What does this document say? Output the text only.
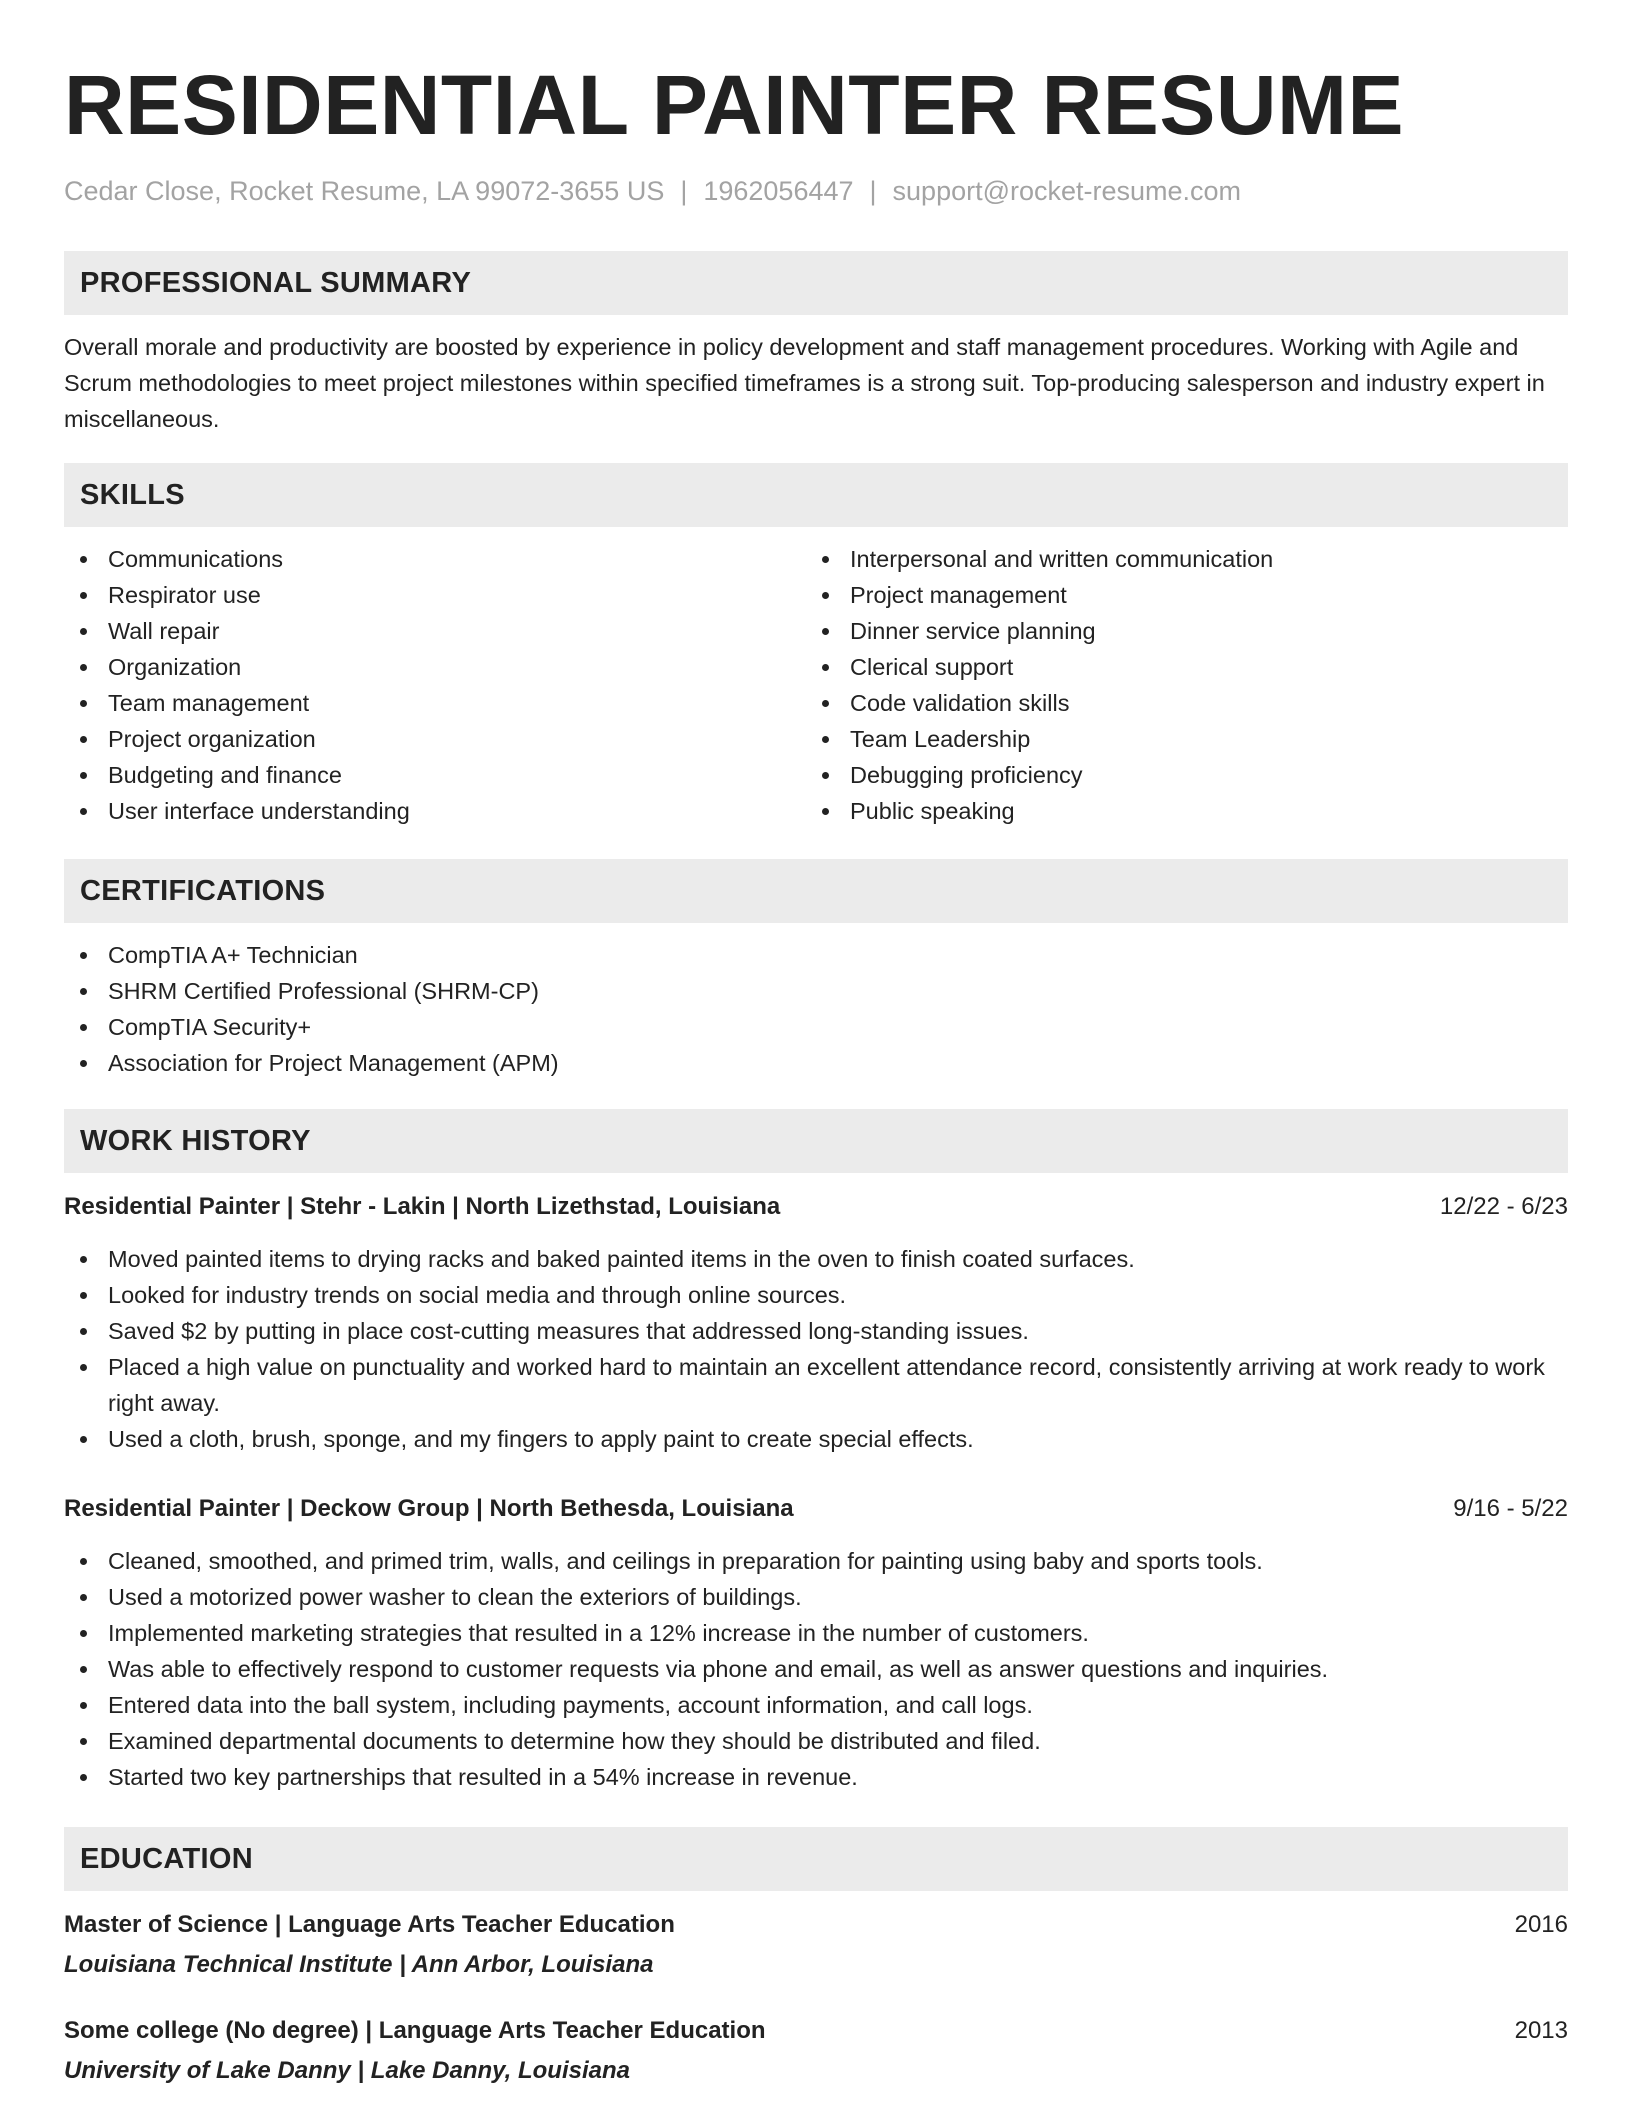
RESIDENTIAL PAINTER RESUME
Cedar Close, Rocket Resume, LA 99072-3655 US | 1962056447 | support@rocket-resume.com
PROFESSIONAL SUMMARY
Overall morale and productivity are boosted by experience in policy development and staff management procedures. Working with Agile and Scrum methodologies to meet project milestones within specified timeframes is a strong suit. Top-producing salesperson and industry expert in miscellaneous.
SKILLS
Communications
Respirator use
Wall repair
Organization
Team management
Project organization
Budgeting and finance
User interface understanding
Interpersonal and written communication
Project management
Dinner service planning
Clerical support
Code validation skills
Team Leadership
Debugging proficiency
Public speaking
CERTIFICATIONS
CompTIA A+ Technician
SHRM Certified Professional (SHRM-CP)
CompTIA Security+
Association for Project Management (APM)
WORK HISTORY
Residential Painter | Stehr - Lakin | North Lizethstad, Louisiana	12/22 - 6/23
Moved painted items to drying racks and baked painted items in the oven to finish coated surfaces.
Looked for industry trends on social media and through online sources.
Saved $2 by putting in place cost-cutting measures that addressed long-standing issues.
Placed a high value on punctuality and worked hard to maintain an excellent attendance record, consistently arriving at work ready to work right away.
Used a cloth, brush, sponge, and my fingers to apply paint to create special effects.
Residential Painter | Deckow Group | North Bethesda, Louisiana	9/16 - 5/22
Cleaned, smoothed, and primed trim, walls, and ceilings in preparation for painting using baby and sports tools.
Used a motorized power washer to clean the exteriors of buildings.
Implemented marketing strategies that resulted in a 12% increase in the number of customers.
Was able to effectively respond to customer requests via phone and email, as well as answer questions and inquiries.
Entered data into the ball system, including payments, account information, and call logs.
Examined departmental documents to determine how they should be distributed and filed.
Started two key partnerships that resulted in a 54% increase in revenue.
EDUCATION
Master of Science | Language Arts Teacher Education	2016
Louisiana Technical Institute | Ann Arbor, Louisiana
Some college (No degree) | Language Arts Teacher Education	2013
University of Lake Danny | Lake Danny, Louisiana
